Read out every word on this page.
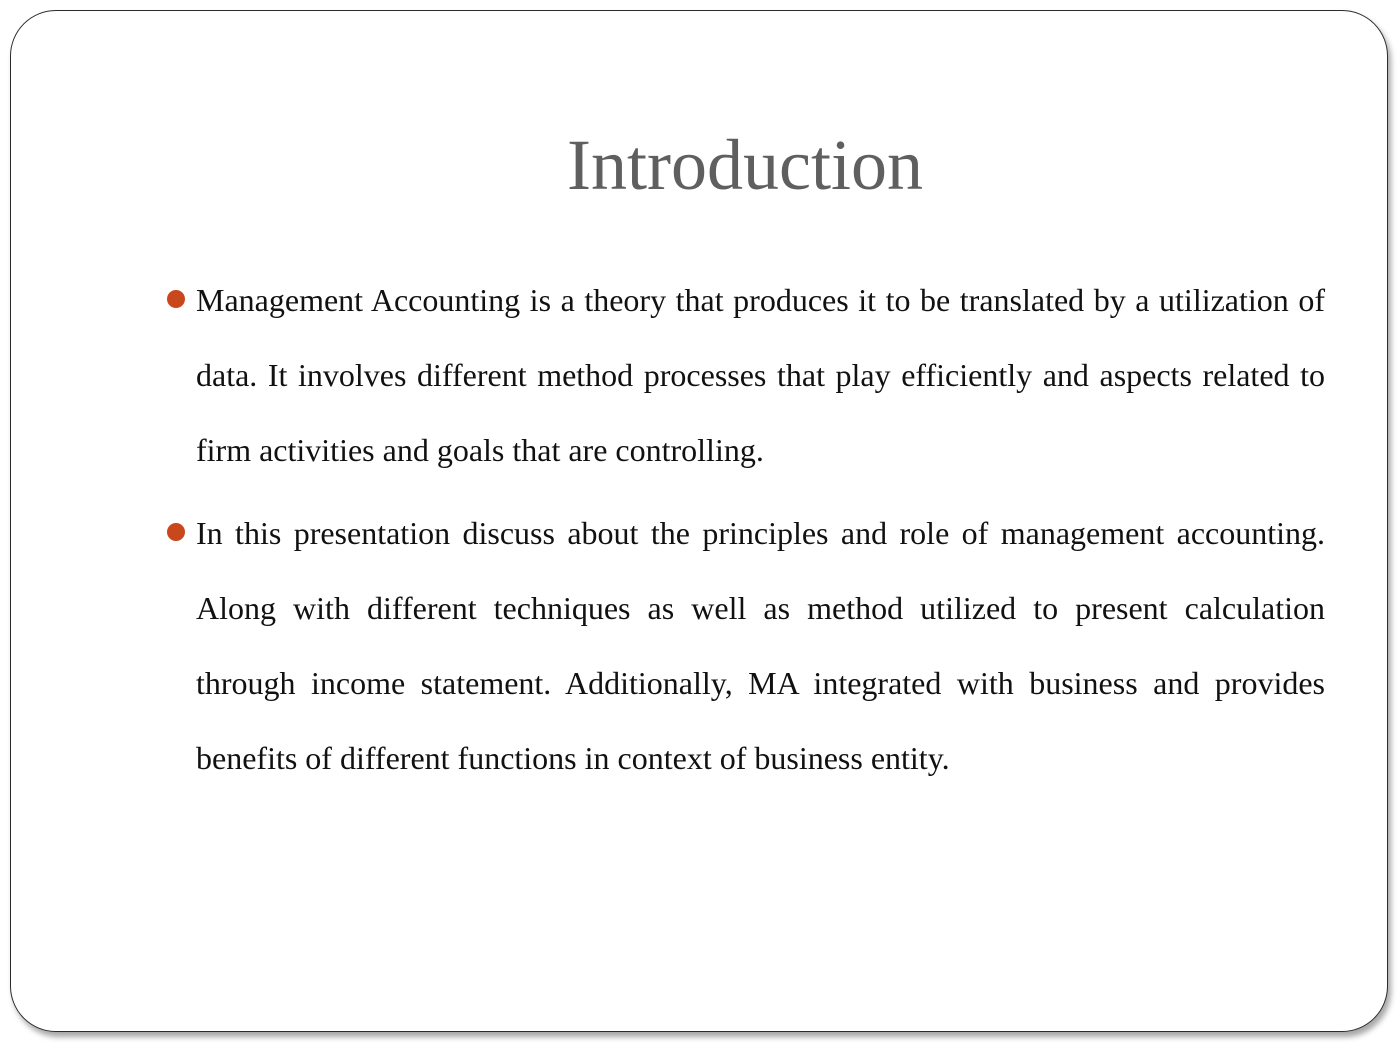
Introduction
Management Accounting is a theory that produces it to be translated by a utilization of data. It involves different method processes that play efficiently and aspects related to firm activities and goals that are controlling.
In this presentation discuss about the principles and role of management accounting. Along with different techniques as well as method utilized to present calculation through income statement. Additionally, MA integrated with business and provides benefits of different functions in context of business entity.
